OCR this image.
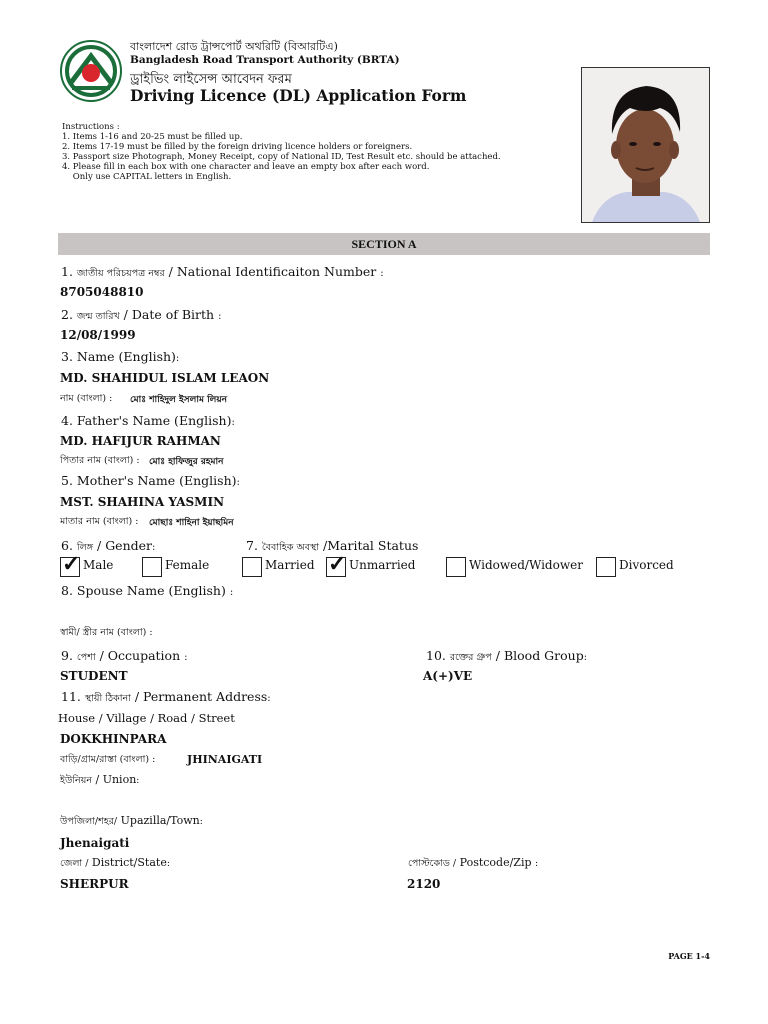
বাংলাদেশ রোড ট্রান্সপোর্ট অথরিটি (বিআরটিএ)
Bangladesh Road Transport Authority (BRTA)
ড্রাইভিং লাইসেন্স আবেদন ফরম
Driving Licence (DL) Application Form
Instructions :
1. Items 1-16 and 20-25 must be filled up.
2. Items 17-19 must be filled by the foreign driving licence holders or foreigners.
3. Passport size Photograph, Money Receipt, copy of National ID, Test Result etc. should be attached.
4. Please fill in each box with one character and leave an empty box after each word.
Only use CAPITAL letters in English.
SECTION A
1. জাতীয় পরিচয়পত্র নম্বর / National Identificaiton Number :
8705048810
2. জন্ম তারিখ / Date of Birth :
12/08/1999
3. Name (English):
MD. SHAHIDUL ISLAM LEAON
নাম (বাংলা) : মোঃ শাহিদুল ইসলাম লিয়ন
4. Father's Name (English):
MD. HAFIJUR RAHMAN
পিতার নাম (বাংলা) : মোঃ হাফিজুর রহমান
5. Mother's Name (English):
MST. SHAHINA YASMIN
মাতার নাম (বাংলা) : মোছাঃ শাহিনা ইয়াছমিন
6. লিঙ্গ / Gender:	7. বৈবাহিক অবস্থা /Marital Status
✓ Male	Female	Married ✓ Unmarried	Widowed/Widower	Divorced
8. Spouse Name (English) :
স্বামী/ স্ত্রীর নাম (বাংলা) :
9. পেশা / Occupation :
STUDENT
10. রক্তের গ্রুপ / Blood Group:
A(+)VE
11. স্থায়ী ঠিকানা / Permanent Address:
House / Village / Road / Street
DOKKHINPARA
বাড়ি/গ্রাম/রাস্তা (বাংলা) :	JHINAIGATI
ইউনিয়ন / Union:
উপজিলা/শহর/ Upazilla/Town:
Jhenaigati
জেলা / District/State:
SHERPUR
পোস্টকোড / Postcode/Zip :
2120
PAGE 1-4
